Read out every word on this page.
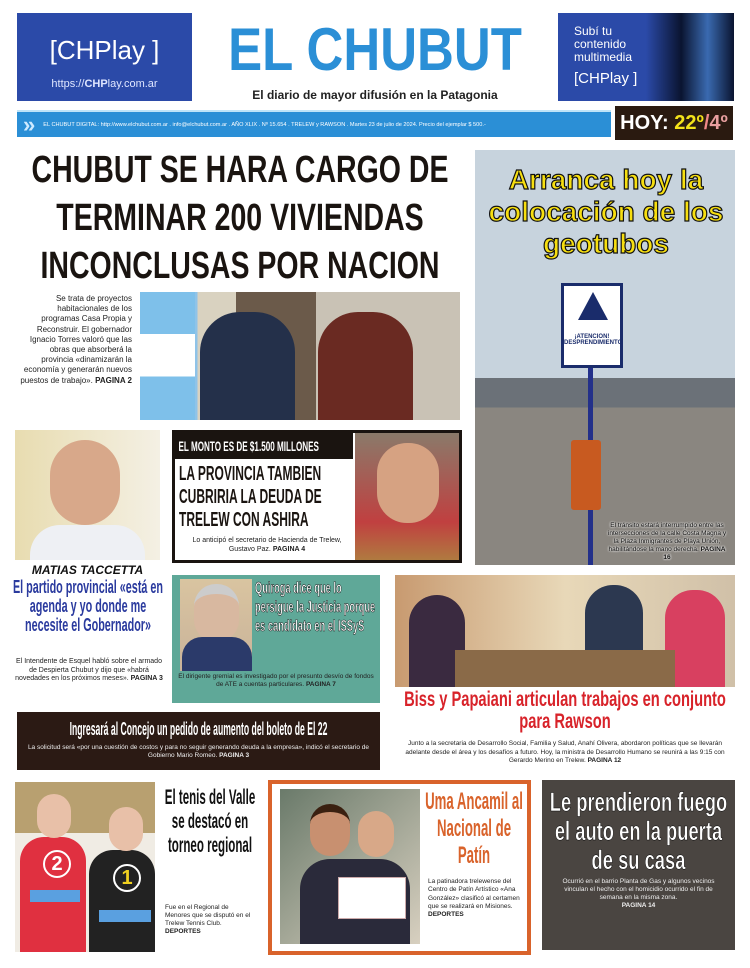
[CHPlay ]
https://CHPlay.com.ar
EL CHUBUT
El diario de mayor difusión en la Patagonia
Subí tu
contenido
multimedia
[CHPlay ]
» EL CHUBUT DIGITAL: http://www.elchubut.com.ar . info@elchubut.com.ar . AÑO XLIX . Nº 15.654 . TRELEW y RAWSON . Martes 23 de julio de 2024. Precio del ejemplar $ 500.-	HOY: 22º/4º
CHUBUT SE HARA CARGO DE TERMINAR 200 VIVIENDAS INCONCLUSAS POR NACION
Se trata de proyectos habitacionales de los programas Casa Propia y Reconstruir. El gobernador Ignacio Torres valoró que las obras que absorberá la provincia «dinamizarán la economía y generarán nuevos puestos de trabajo». PAGINA 2
Arranca hoy la colocación de los geotubos
¡ATENCION! DESPRENDIMIENTO
El tránsito estará interrumpido entre las intersecciones de la calle Costa Magna y la Plaza Inmigrantes de Playa Unión, habilitándose la mano derecha. PAGINA 16
MATIAS TACCETTA
El partido provincial «está en agenda y yo donde me necesite el Gobernador»
El Intendente de Esquel habló sobre el armado de Despierta Chubut y dijo que «habrá novedades en los próximos meses». PAGINA 3
EL MONTO ES DE $1.500 MILLONES
LA PROVINCIA TAMBIEN CUBRIRIA LA DEUDA DE TRELEW CON ASHIRA
Lo anticipó el secretario de Hacienda de Trelew, Gustavo Paz. PAGINA 4
Quiroga dice que lo persigue la Justicia porque es candidato en el ISSyS
El dirigente gremial es investigado por el presunto desvío de fondos de ATE a cuentas particulares. PAGINA 7
Biss y Papaiani articulan trabajos en conjunto para Rawson
Junto a la secretaria de Desarrollo Social, Familia y Salud, Anahí Olivera, abordaron políticas que se llevarán adelante desde el área y los desafíos a futuro. Hoy, la ministra de Desarrollo Humano se reunirá a las 9:15 con Gerardo Merino en Trelew. PAGINA 12
Ingresará al Concejo un pedido de aumento del boleto de El 22
La solicitud será «por una cuestión de costos y para no seguir generando deuda a la empresa», indicó el secretario de Gobierno Mario Romeo. PAGINA 3
2
1
El tenis del Valle se destacó en torneo regional
Fue en el Regional de Menores que se disputó en el Trelew Tennis Club.
DEPORTES
Uma Ancamil al Nacional de Patín
La patinadora trelewense del Centro de Patín Artístico «Ana González» clasificó al certamen que se realizará en Misiones.
DEPORTES
Le prendieron fuego el auto en la puerta de su casa
Ocurrió en el barrio Planta de Gas y algunos vecinos vinculan el hecho con el homicidio ocurrido el fin de semana en la misma zona.
PAGINA 14
